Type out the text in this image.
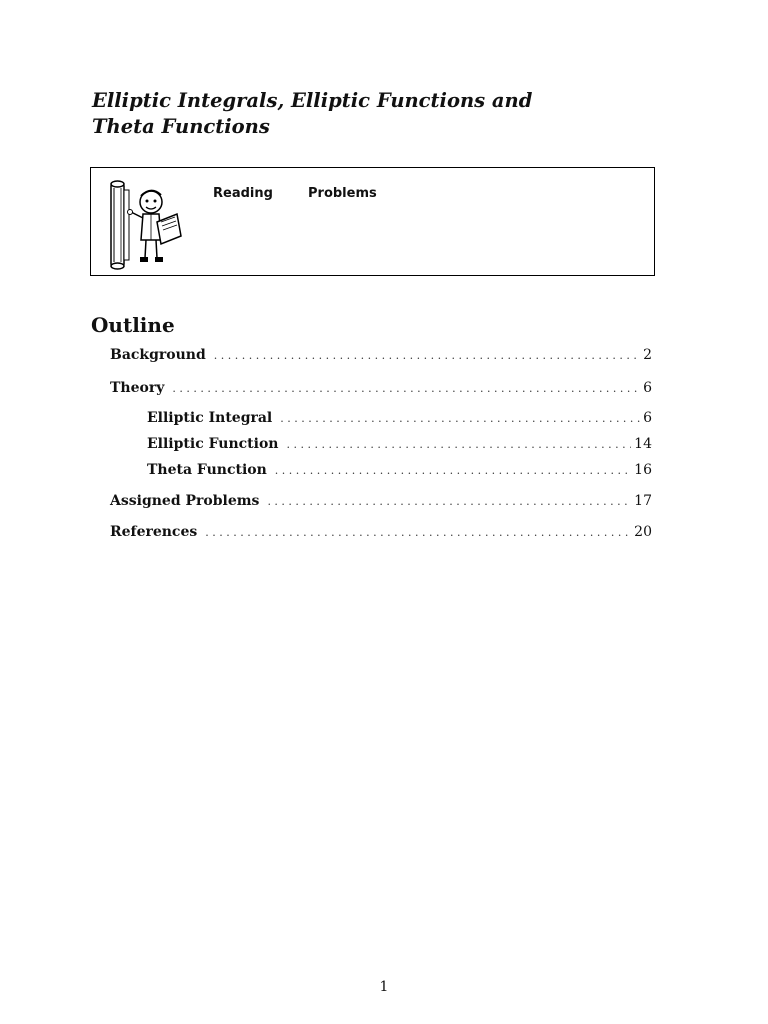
Elliptic Integrals, Elliptic Functions and
Theta Functions
Reading	Problems
Outline
Background . . .	2
Theory . . .	6
Elliptic Integral . . .	6
Elliptic Function . . .	14
Theta Function . . .	16
Assigned Problems . . .	17
References . . .	20
1
